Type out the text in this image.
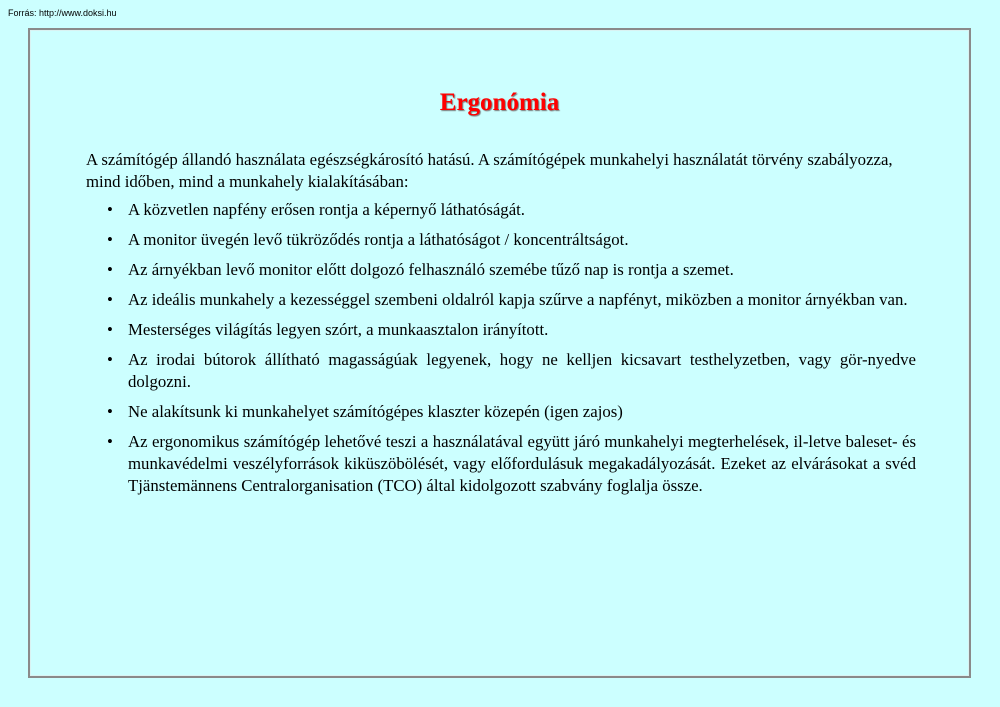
Forrás: http://www.doksi.hu
Ergonómia

A számítógép állandó használata egészségkárosító hatású. A számítógépek munkahelyi használatát törvény szabályozza, mind időben, mind a munkahely kialakításában:

• A közvetlen napfény erősen rontja a képernyő láthatóságát.
• A monitor üvegén levő tükröződés rontja a láthatóságot / koncentráltságot.
• Az árnyékban levő monitor előtt dolgozó felhasználó szemébe tűző nap is rontja a szemet.
• Az ideális munkahely a kezességgel szembeni oldalról kapja szűrve a napfényt, miközben a monitor árnyékban van.
• Mesterséges világítás legyen szórt, a munkaasztalon irányított.
• Az irodai bútorok állítható magasságúak legyenek, hogy ne kelljen kicsavart testhelyzetben, vagy gör-nyedve dolgozni.
• Ne alakítsunk ki munkahelyet számítógépes klaszter közepén (igen zajos)
• Az ergonomikus számítógép lehetővé teszi a használatával együtt járó munkahelyi megterhelések, il-letve baleset- és munkavédelmi veszélyforrások kiküszöbölését, vagy előfordulásuk megakadályozását. Ezeket az elvárásokat a svéd Tjänstemännens Centralorganisation (TCO) által kidolgozott szabvány foglalja össze.
